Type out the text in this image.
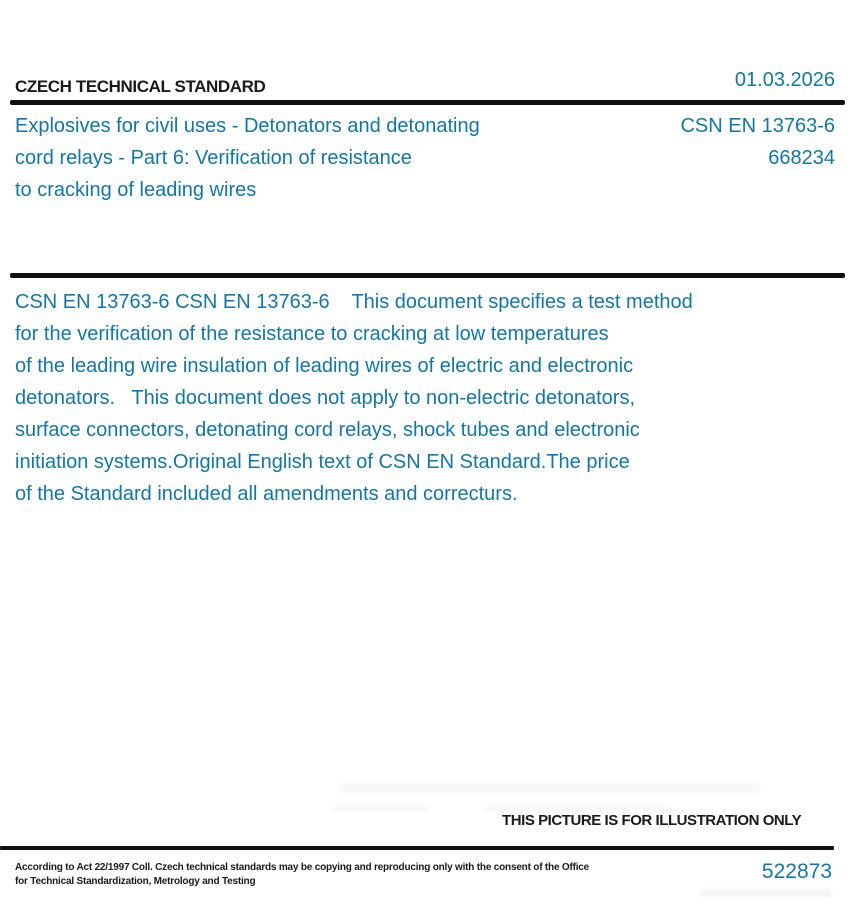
CZECH TECHNICAL STANDARD	01.03.2026
Explosives for civil uses - Detonators and detonating
cord relays - Part 6: Verification of resistance
to cracking of leading wires
CSN EN 13763-6
668234
CSN EN 13763-6 CSN EN 13763-6    This document specifies a test method
for the verification of the resistance to cracking at low temperatures
of the leading wire insulation of leading wires of electric and electronic
detonators.   This document does not apply to non-electric detonators,
surface connectors, detonating cord relays, shock tubes and electronic
initiation systems.Original English text of CSN EN Standard.The price
of the Standard included all amendments and correcturs.
THIS PICTURE IS FOR ILLUSTRATION ONLY
According to Act 22/1997 Coll. Czech technical standards may be copying and reproducing only with the consent of the Office
for Technical Standardization, Metrology and Testing	522873
